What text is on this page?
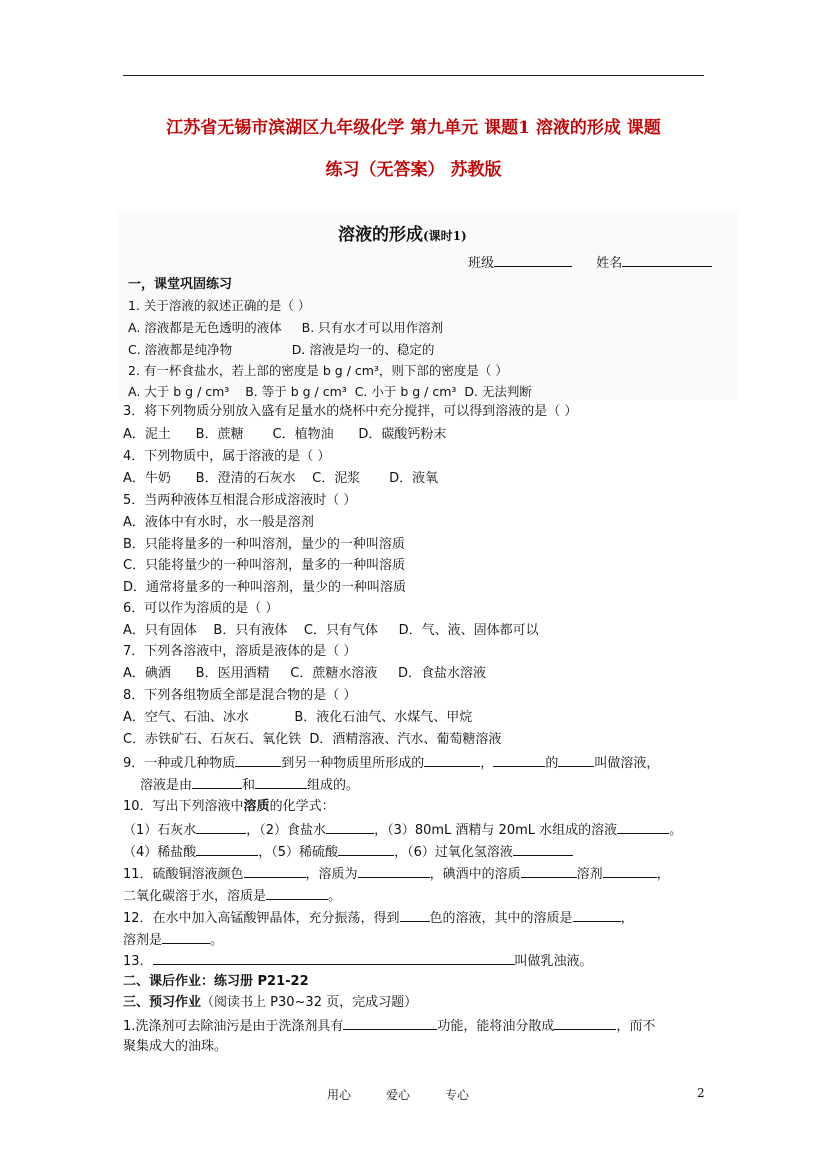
江苏省无锡市滨湖区九年级化学 第九单元 课题1 溶液的形成 课题
练习（无答案） 苏教版
溶液的形成(课时1)
班级	姓名
一，课堂巩固练习
1. 关于溶液的叙述正确的是（ ）
A. 溶液都是无色透明的液体     B. 只有水才可以用作溶剂
C. 溶液都是纯净物               D. 溶液是均一的、稳定的
2. 有一杯食盐水，若上部的密度是 b g / cm³，则下部的密度是（ ）
A. 大于 b g / cm³    B. 等于 b g / cm³  C. 小于 b g / cm³  D. 无法判断
3．将下列物质分别放入盛有足量水的烧杯中充分搅拌，可以得到溶液的是（ ）
A．泥土      B．蔗糖       C．植物油      D．碳酸钙粉末
4．下列物质中，属于溶液的是（ ）
A．牛奶      B．澄清的石灰水    C．泥浆       D．液氧
5．当两种液体互相混合形成溶液时（ ）
A．液体中有水时，水一般是溶剂
B．只能将量多的一种叫溶剂，量少的一种叫溶质
C．只能将量少的一种叫溶剂，量多的一种叫溶质
D．通常将量多的一种叫溶剂，量少的一种叫溶质
6．可以作为溶质的是（ ）
A．只有固体    B．只有液体    C．只有气体     D．气、液、固体都可以
7．下列各溶液中，溶质是液体的是（ ）
A．碘酒      B．医用酒精     C．蔗糖水溶液     D．食盐水溶液
8．下列各组物质全部是混合物的是（ ）
A．空气、石油、冰水           B．液化石油气、水煤气、甲烷
C．赤铁矿石、石灰石、氧化铁  D．酒精溶液、汽水、葡萄糖溶液
9．一种或几种物质	到另一种物质里所形成的	，	的	叫做溶液，
溶液是由	和	组成的。
10．写出下列溶液中溶质的化学式：
（1）石灰水	，（2）食盐水	，（3）80mL 酒精与 20mL 水组成的溶液	。
（4）稀盐酸	，（5）稀硫酸	，（6）过氧化氢溶液
11．硫酸铜溶液颜色	，溶质为	，碘酒中的溶质	溶剂	，
二氧化碳溶于水，溶质是	。
12．在水中加入高锰酸钾晶体，充分振荡，得到 色的溶液，其中的溶质是	，
溶剂是	。
13．	叫做乳浊液。
二、课后作业：练习册 P21-22
三、预习作业（阅读书上 P30~32 页，完成习题）
1.洗涤剂可去除油污是由于洗涤剂具有	功能，能将油分散成	，而不
聚集成大的油珠。
用心	爱心	专心	2
